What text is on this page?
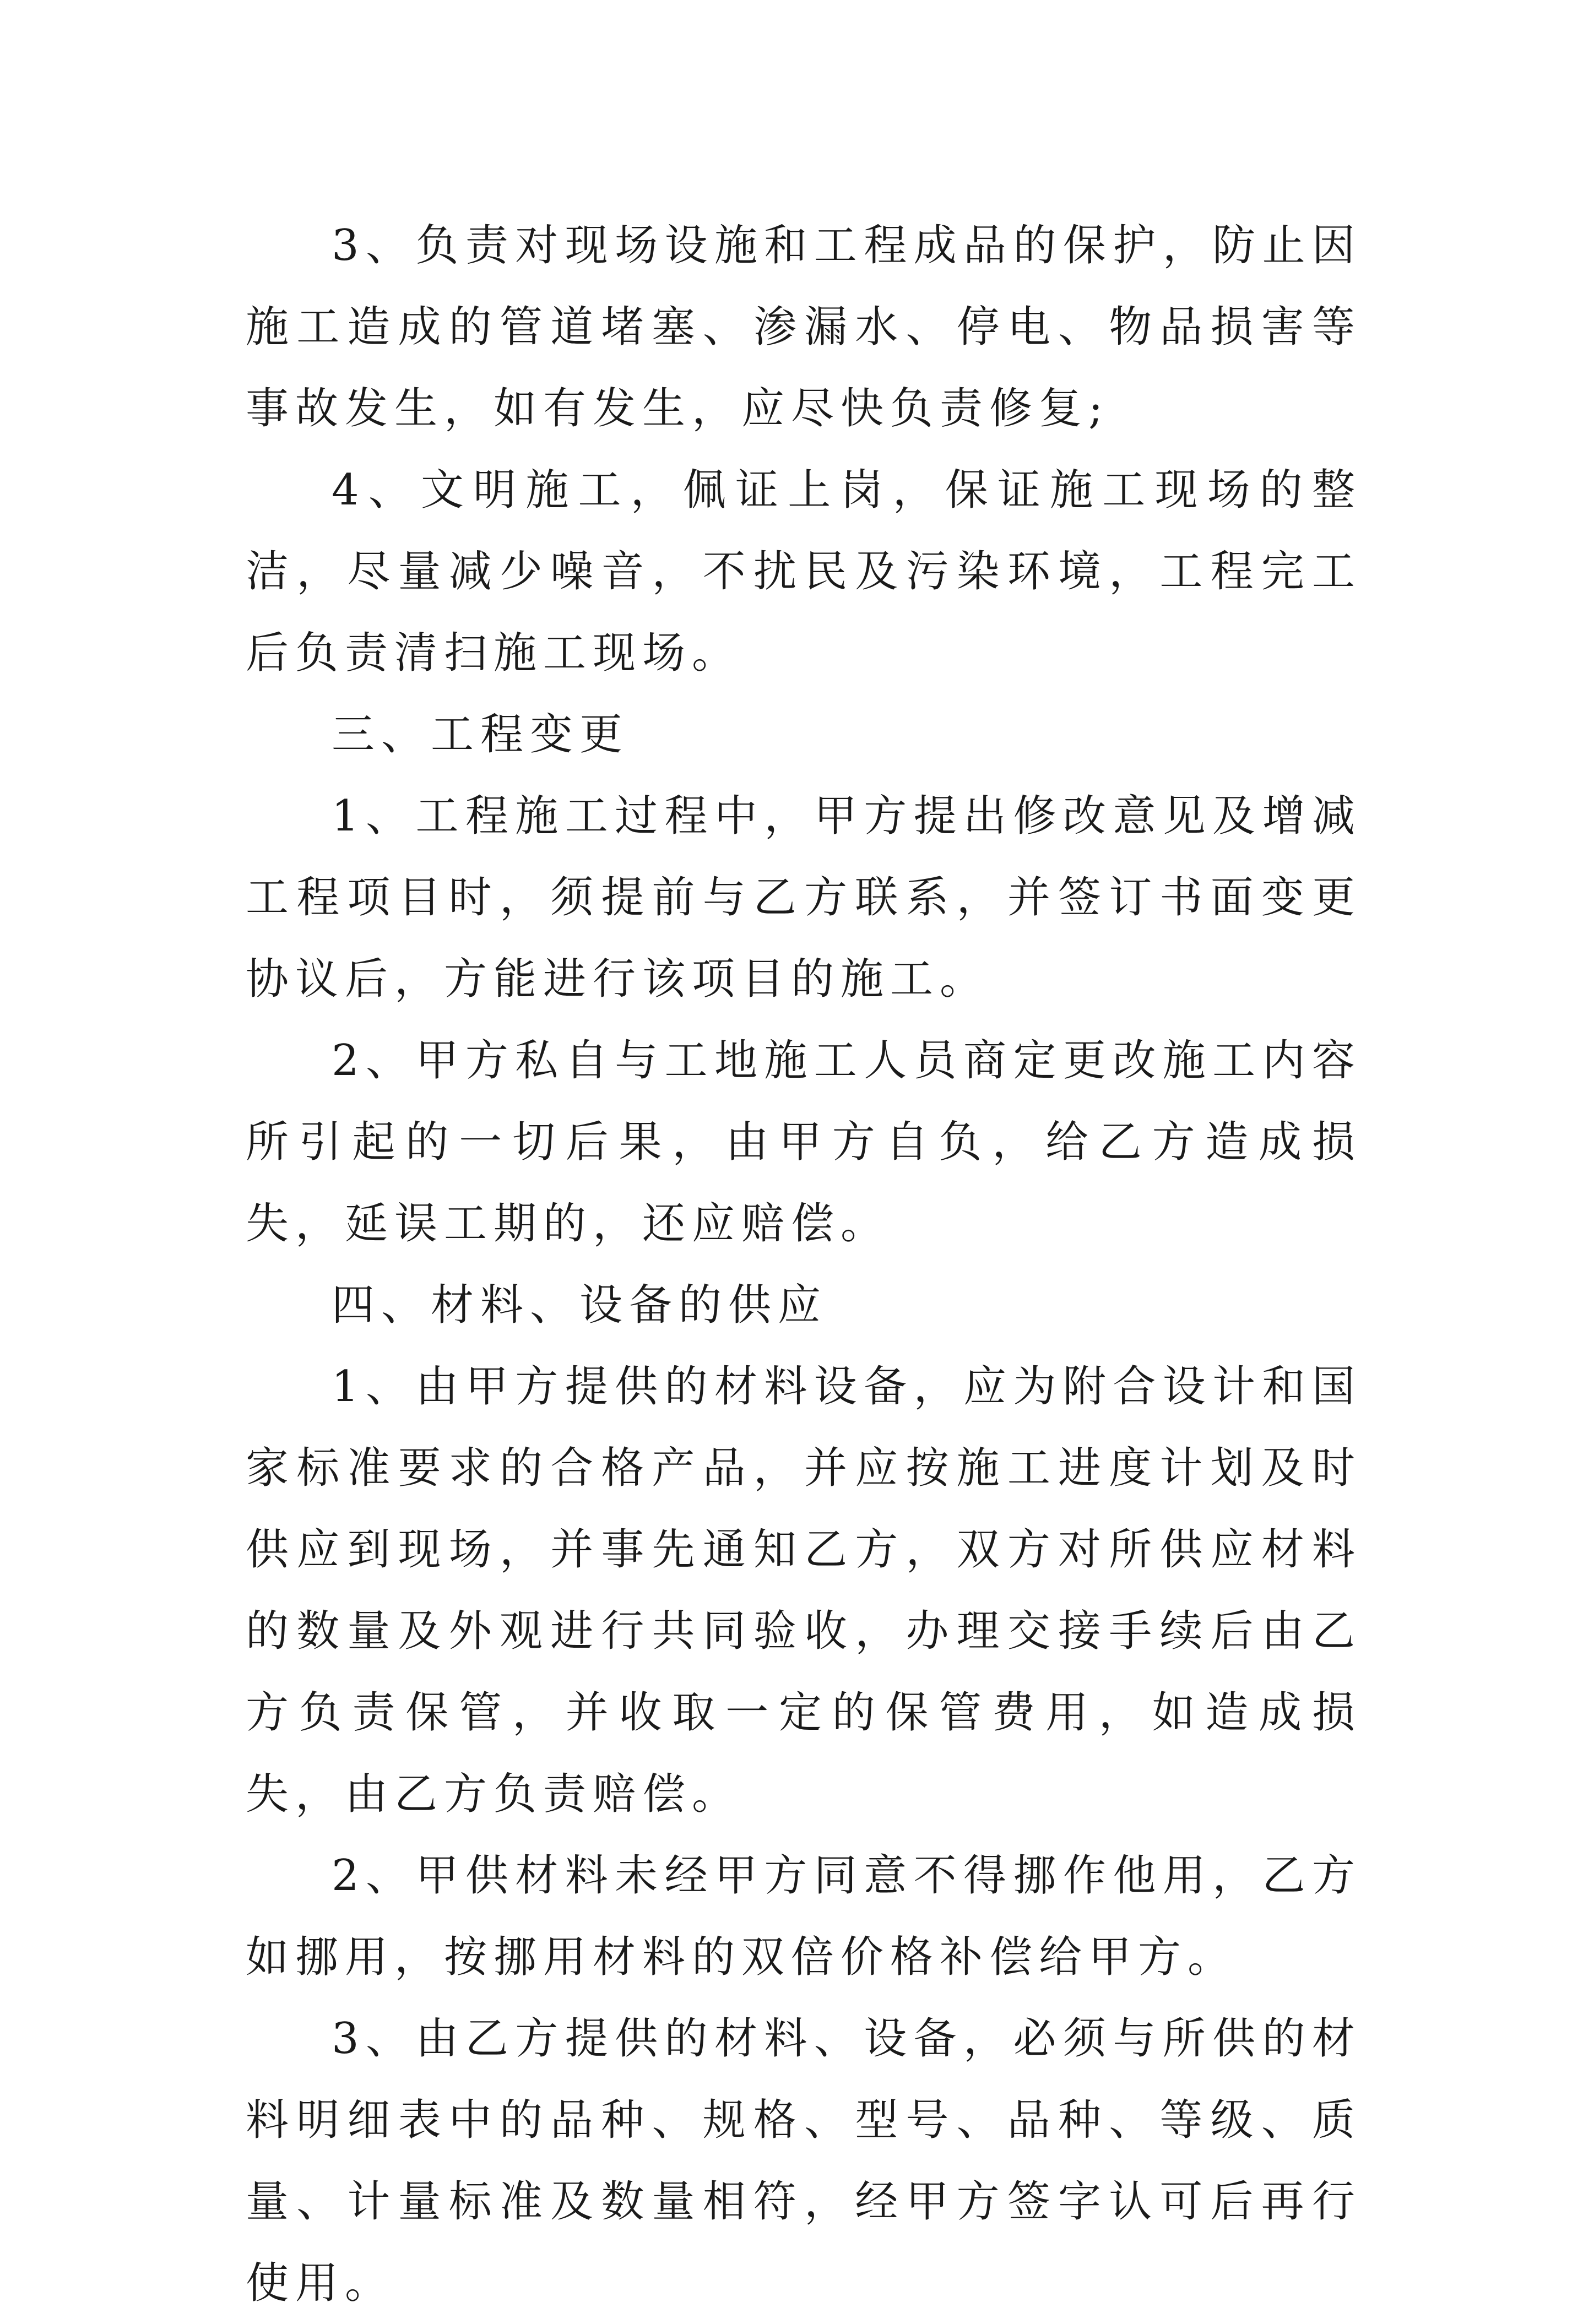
3、负责对现场设施和工程成品的保护，防止因施工造成的管道堵塞、渗漏水、停电、物品损害等事故发生，如有发生，应尽快负责修复;

4、文明施工，佩证上岗，保证施工现场的整洁，尽量减少噪音，不扰民及污染环境，工程完工后负责清扫施工现场。

三、工程变更

1、工程施工过程中，甲方提出修改意见及增减工程项目时，须提前与乙方联系，并签订书面变更协议后，方能进行该项目的施工。

2、甲方私自与工地施工人员商定更改施工内容所引起的一切后果，由甲方自负，给乙方造成损失，延误工期的，还应赔偿。

四、材料、设备的供应

1、由甲方提供的材料设备，应为附合设计和国家标准要求的合格产品，并应按施工进度计划及时供应到现场，并事先通知乙方，双方对所供应材料的数量及外观进行共同验收，办理交接手续后由乙方负责保管，并收取一定的保管费用，如造成损失，由乙方负责赔偿。

2、甲供材料未经甲方同意不得挪作他用，乙方如挪用，按挪用材料的双倍价格补偿给甲方。

3、由乙方提供的材料、设备，必须与所供的材料明细表中的品种、规格、型号、品种、等级、质量、计量标准及数量相符，经甲方签字认可后再行使用。
